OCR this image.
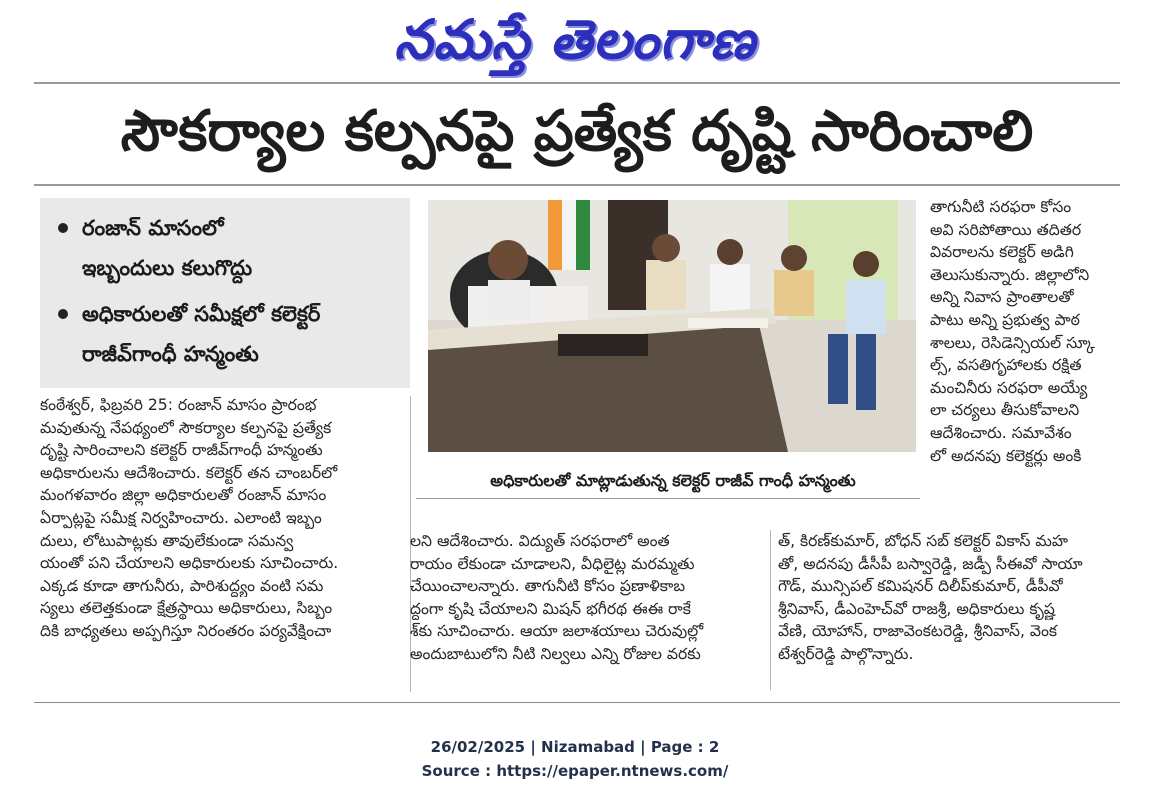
నమస్తే తెలంగాణ
సౌకర్యాల కల్పనపై ప్రత్యేక దృష్టి సారించాలి
రంజాన్ మాసంలో
ఇబ్బందులు కలుగొద్దు
అధికారులతో సమీక్షలో కలెక్టర్
రాజీవ్‌గాంధీ హన్మంతు
కంఠేశ్వర్, ఫిబ్రవరి 25: రంజాన్ మాసం ప్రారంభ
మవుతున్న నేపథ్యంలో సౌకర్యాల కల్పనపై ప్రత్యేక
దృష్టి సారించాలని కలెక్టర్ రాజీవ్‌గాంధీ హన్మంతు
అధికారులను ఆదేశించారు. కలెక్టర్ తన చాంబర్‌లో
మంగళవారం జిల్లా అధికారులతో రంజాన్ మాసం
ఏర్పాట్లపై సమీక్ష నిర్వహించారు. ఎలాంటి ఇబ్బం
దులు, లోటుపాట్లకు తావులేకుండా సమన్వ
యంతో పని చేయాలని అధికారులకు సూచించారు.
ఎక్కడ కూడా తాగునీరు, పారిశుద్ధ్యం వంటి సమ
స్యలు తలెత్తకుండా క్షేత్రస్థాయి అధికారులు, సిబ్బం
దికి బాధ్యతలు అప్పగిస్తూ నిరంతరం పర్యవేక్షించా
అధికారులతో మాట్లాడుతున్న కలెక్టర్ రాజీవ్ గాంధీ హన్మంతు
లని ఆదేశించారు. విద్యుత్ సరఫరాలో అంత
రాయం లేకుండా చూడాలని, వీధిలైట్ల మరమ్మతు
చేయించాలన్నారు. తాగునీటి కోసం ప్రణాళికాబ
ద్ధంగా కృషి చేయాలని మిషన్ భగీరథ ఈఈ రాకే
శ్‌కు సూచించారు. ఆయా జలాశయాలు చెరువుల్లో
అందుబాటులోని నీటి నిల్వలు ఎన్ని రోజుల వరకు
తాగునీటి సరఫరా కోసం
అవి సరిపోతాయి తదితర
వివరాలను కలెక్టర్ అడిగి
తెలుసుకున్నారు. జిల్లాలోని
అన్ని నివాస ప్రాంతాలతో
పాటు అన్ని ప్రభుత్వ పాఠ
శాలలు, రెసిడెన్సియల్ స్కూ
ల్స్, వసతిగృహాలకు రక్షిత
మంచినీరు సరఫరా అయ్యే
లా చర్యలు తీసుకోవాలని
ఆదేశించారు. సమావేశం
లో అదనపు కలెక్టర్లు అంకి
త్, కిరణ్‌కుమార్, బోధన్ సబ్ కలెక్టర్ వికాస్ మహ
తో, అదనపు డీసీపీ బస్వారెడ్డి, జడ్పీ సీఈవో సాయా
గౌడ్, మున్సిపల్ కమిషనర్ దిలీప్‌కుమార్, డీపీవో
శ్రీనివాస్, డీఎంహెచ్‌వో రాజశ్రీ, అధికారులు కృష్ణ
వేణి, యోహాన్, రాజావెంకటరెడ్డి, శ్రీనివాస్, వెంక
టేశ్వర్‌రెడ్డి పాల్గొన్నారు.
26/02/2025 | Nizamabad | Page : 2
Source : https://epaper.ntnews.com/
